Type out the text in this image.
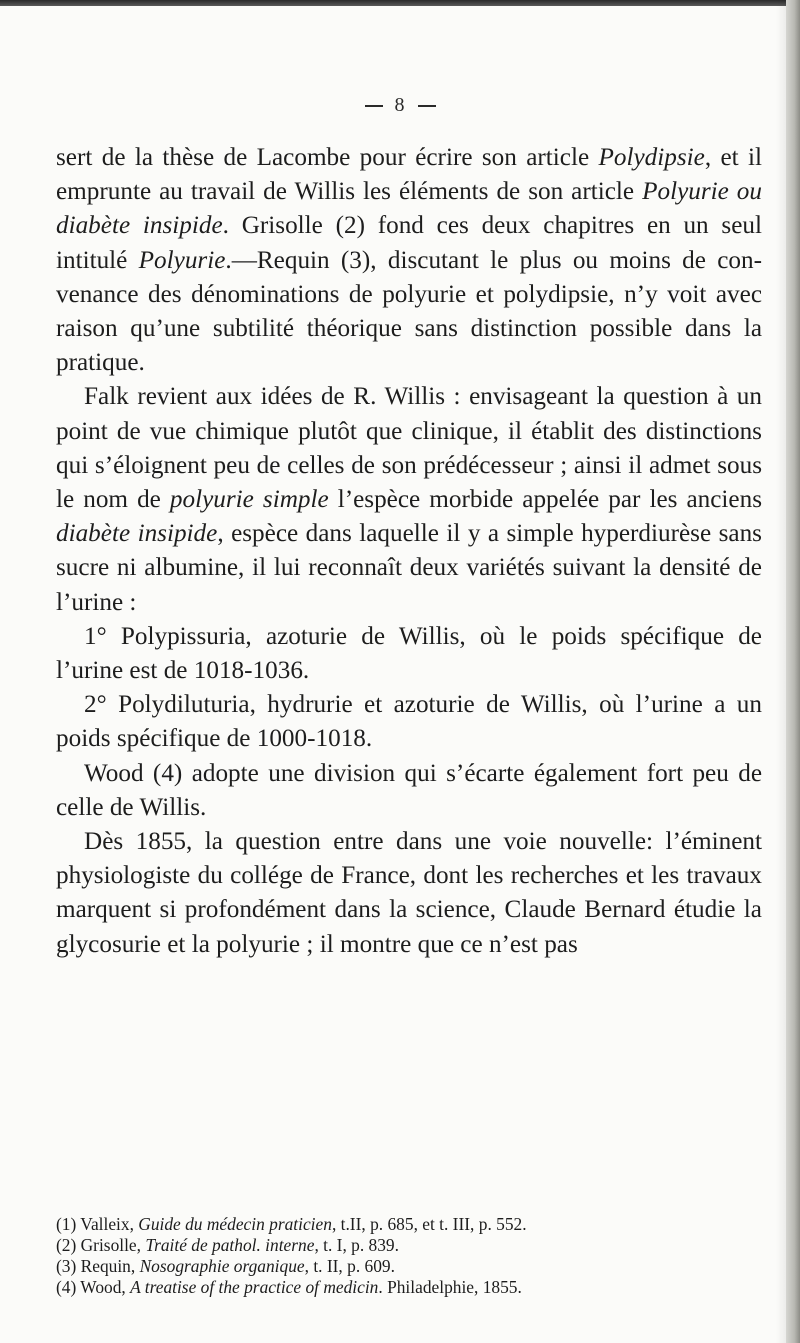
8

sert de la thèse de Lacombe pour écrire son article Polydipsie, et il emprunte au travail de Willis les éléments de son article Polyurie ou diabète insipide. Grisolle (2) fond ces deux chapitres en un seul intitulé Polyurie.—Requin (3), discutant le plus ou moins de convenance des dénominations de polyurie et polydipsie, n’y voit avec raison qu’une subtilité théorique sans distinction possible dans la pratique.

Falk revient aux idées de R. Willis : envisageant la question à un point de vue chimique plutôt que clinique, il établit des distinctions qui s’éloignent peu de celles de son prédécesseur ; ainsi il admet sous le nom de polyurie simple l’espèce morbide appelée par les anciens diabète insipide, espèce dans laquelle il y a simple hyperdiurèse sans sucre ni albumine, il lui reconnaît deux variétés suivant la densité de l’urine :

1° Polypissuria, azoturie de Willis, où le poids spécifique de l’urine est de 1018-1036.

2° Polydiluturia, hydrurie et azoturie de Willis, où l’urine a un poids spécifique de 1000-1018.

Wood (4) adopte une division qui s’écarte également fort peu de celle de Willis.

Dès 1855, la question entre dans une voie nouvelle: l’éminent physiologiste du collége de France, dont les recherches et les travaux marquent si profondément dans la science, Claude Bernard étudie la glycosurie et la polyurie ; il montre que ce n’est pas

(1) Valleix, Guide du médecin praticien, t.II, p. 685, et t. III, p. 552.
(2) Grisolle, Traité de pathol. interne, t. I, p. 839.
(3) Requin, Nosographie organique, t. II, p. 609.
(4) Wood, A treatise of the practice of medicin. Philadelphie, 1855.
